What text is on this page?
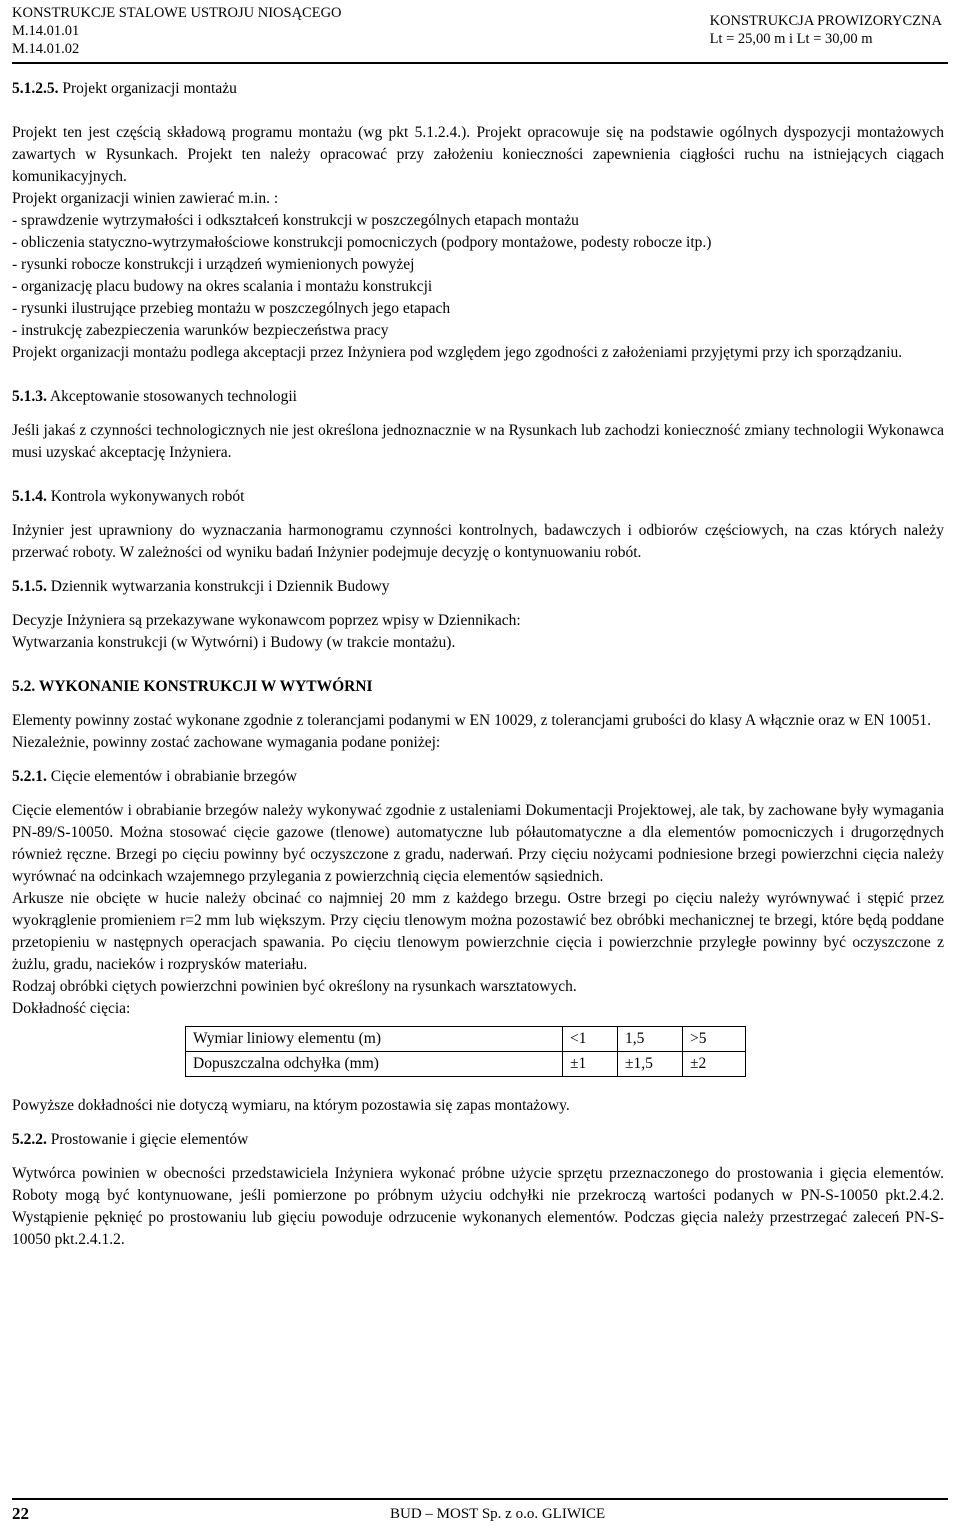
KONSTRUKCJE STALOWE USTROJU NIOSĄCEGO
M.14.01.01
M.14.01.02
KONSTRUKCJA PROWIZORYCZNA
Lt = 25,00 m i Lt = 30,00 m

5.1.2.5. Projekt organizacji montażu

Projekt ten jest częścią składową programu montażu (wg pkt 5.1.2.4.). Projekt opracowuje się na podstawie ogólnych dyspozycji montażowych zawartych w Rysunkach. Projekt ten należy opracować przy założeniu konieczności zapewnienia ciągłości ruchu na istniejących ciągach komunikacyjnych.

Projekt organizacji winien zawierać m.in. :

- sprawdzenie wytrzymałości i odkształceń konstrukcji w poszczególnych etapach montażu

- obliczenia statyczno-wytrzymałościowe konstrukcji pomocniczych (podpory montażowe, podesty robocze itp.)

- rysunki robocze konstrukcji i urządzeń wymienionych powyżej

- organizację placu budowy na okres scalania i montażu konstrukcji

- rysunki ilustrujące przebieg montażu w poszczególnych jego etapach

- instrukcję zabezpieczenia warunków bezpieczeństwa pracy

Projekt organizacji montażu podlega akceptacji przez Inżyniera pod względem jego zgodności z założeniami przyjętymi przy ich sporządzaniu.

5.1.3. Akceptowanie stosowanych technologii

Jeśli jakaś z czynności technologicznych nie jest określona jednoznacznie w na Rysunkach lub zachodzi konieczność zmiany technologii Wykonawca musi uzyskać akceptację Inżyniera.

5.1.4. Kontrola wykonywanych robót

Inżynier jest uprawniony do wyznaczania harmonogramu czynności kontrolnych, badawczych i odbiorów częściowych, na czas których należy przerwać roboty. W zależności od wyniku badań Inżynier podejmuje decyzję o kontynuowaniu robót.

5.1.5. Dziennik wytwarzania konstrukcji i Dziennik Budowy

Decyzje Inżyniera są przekazywane wykonawcom poprzez wpisy w Dziennikach:

Wytwarzania konstrukcji (w Wytwórni) i Budowy (w trakcie montażu).

5.2. WYKONANIE KONSTRUKCJI W WYTWÓRNI

Elementy powinny zostać wykonane zgodnie z tolerancjami podanymi w EN 10029, z tolerancjami grubości do klasy A włącznie oraz w EN 10051.

Niezależnie, powinny zostać zachowane wymagania podane poniżej:

5.2.1. Cięcie elementów i obrabianie brzegów

Cięcie elementów i obrabianie brzegów należy wykonywać zgodnie z ustaleniami Dokumentacji Projektowej, ale tak, by zachowane były wymagania PN-89/S-10050. Można stosować cięcie gazowe (tlenowe) automatyczne lub półautomatyczne a dla elementów pomocniczych i drugorzędnych również ręczne. Brzegi po cięciu powinny być oczyszczone z gradu, naderwań. Przy cięciu nożycami podniesione brzegi powierzchni cięcia należy wyrównać na odcinkach wzajemnego przylegania z powierzchnią cięcia elementów sąsiednich.

Arkusze nie obcięte w hucie należy obcinać co najmniej 20 mm z każdego brzegu. Ostre brzegi po cięciu należy wyrównywać i stępić przez wyokrąglenie promieniem r=2 mm lub większym. Przy cięciu tlenowym można pozostawić bez obróbki mechanicznej te brzegi, które będą poddane przetopieniu w następnych operacjach spawania. Po cięciu tlenowym powierzchnie cięcia i powierzchnie przyległe powinny być oczyszczone z żużlu, gradu, nacieków i rozprysków materiału.

Rodzaj obróbki ciętych powierzchni powinien być określony na rysunkach warsztatowych.

Dokładność cięcia:

Wymiar liniowy elementu (m)	<1	1,5	>5
Dopuszczalna odchyłka (mm)	±1	±1,5	±2

Powyższe dokładności nie dotyczą wymiaru, na którym pozostawia się zapas montażowy.

5.2.2. Prostowanie i gięcie elementów

Wytwórca powinien w obecności przedstawiciela Inżyniera wykonać próbne użycie sprzętu przeznaczonego do prostowania i gięcia elementów. Roboty mogą być kontynuowane, jeśli pomierzone po próbnym użyciu odchyłki nie przekroczą wartości podanych w PN-S-10050 pkt.2.4.2. Wystąpienie pęknięć po prostowaniu lub gięciu powoduje odrzucenie wykonanych elementów. Podczas gięcia należy przestrzegać zaleceń PN-S-10050 pkt.2.4.1.2.

22	BUD – MOST Sp. z o.o. GLIWICE
